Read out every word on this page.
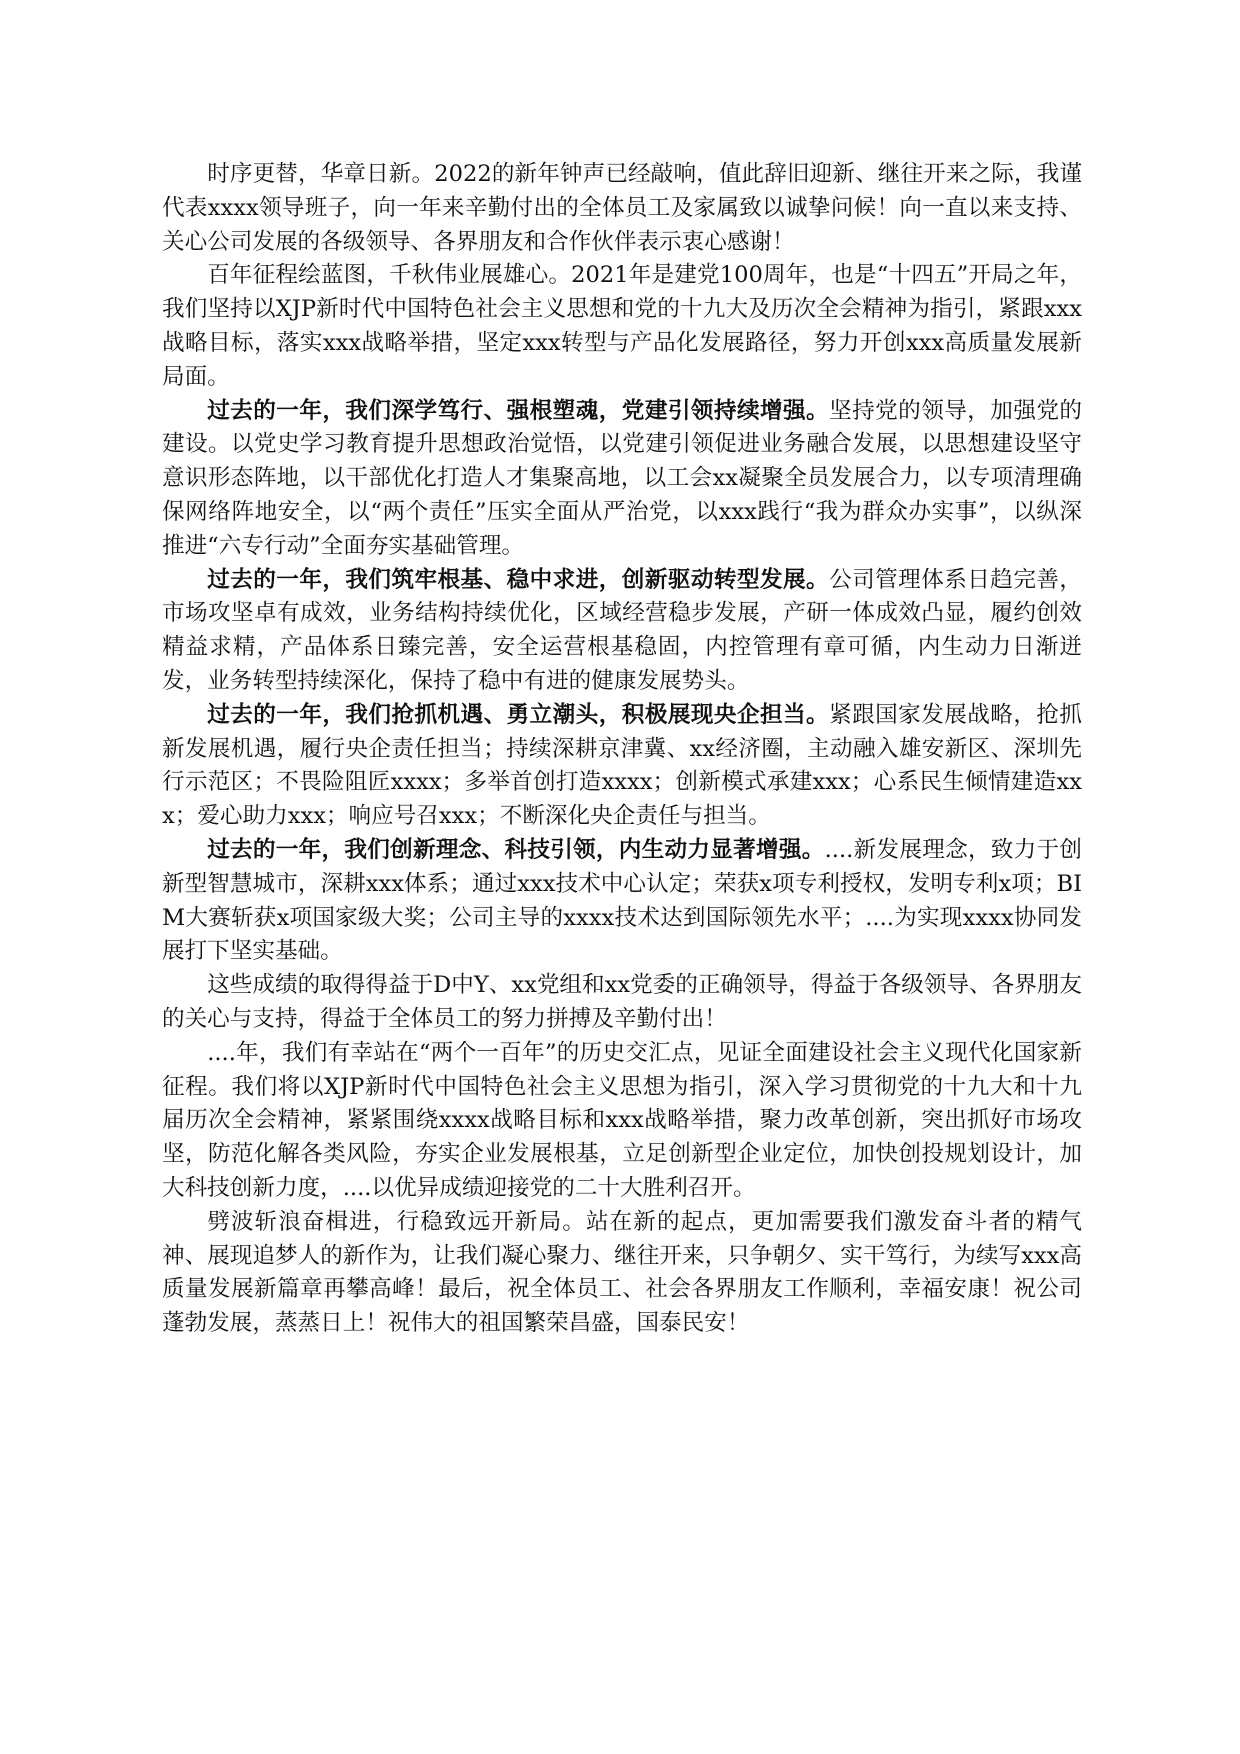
时序更替，华章日新。2022的新年钟声已经敲响，值此辞旧迎新、继往开来之际，我谨代表xxxx领导班子，向一年来辛勤付出的全体员工及家属致以诚挚问候！向一直以来支持、关心公司发展的各级领导、各界朋友和合作伙伴表示衷心感谢！

百年征程绘蓝图，千秋伟业展雄心。2021年是建党100周年，也是“十四五”开局之年，我们坚持以XJP新时代中国特色社会主义思想和党的十九大及历次全会精神为指引，紧跟xxx战略目标，落实xxx战略举措，坚定xxx转型与产品化发展路径，努力开创xxx高质量发展新局面。

过去的一年，我们深学笃行、强根塑魂，党建引领持续增强。坚持党的领导，加强党的建设。以党史学习教育提升思想政治觉悟，以党建引领促进业务融合发展，以思想建设坚守意识形态阵地，以干部优化打造人才集聚高地，以工会xx凝聚全员发展合力，以专项清理确保网络阵地安全，以“两个责任”压实全面从严治党，以xxx践行“我为群众办实事”，以纵深推进“六专行动”全面夯实基础管理。

过去的一年，我们筑牢根基、稳中求进，创新驱动转型发展。公司管理体系日趋完善，市场攻坚卓有成效，业务结构持续优化，区域经营稳步发展，产研一体成效凸显，履约创效精益求精，产品体系日臻完善，安全运营根基稳固，内控管理有章可循，内生动力日渐迸发，业务转型持续深化，保持了稳中有进的健康发展势头。

过去的一年，我们抢抓机遇、勇立潮头，积极展现央企担当。紧跟国家发展战略，抢抓新发展机遇，履行央企责任担当；持续深耕京津冀、xx经济圈，主动融入雄安新区、深圳先行示范区；不畏险阻匠xxxx；多举首创打造xxxx；创新模式承建xxx；心系民生倾情建造xxx；爱心助力xxx；响应号召xxx；不断深化央企责任与担当。

过去的一年，我们创新理念、科技引领，内生动力显著增强。....新发展理念，致力于创新型智慧城市，深耕xxx体系；通过xxx技术中心认定；荣获x项专利授权，发明专利x项；BIM大赛斩获x项国家级大奖；公司主导的xxxx技术达到国际领先水平；....为实现xxxx协同发展打下坚实基础。

这些成绩的取得得益于D中Y、xx党组和xx党委的正确领导，得益于各级领导、各界朋友的关心与支持，得益于全体员工的努力拼搏及辛勤付出！

....年，我们有幸站在“两个一百年”的历史交汇点，见证全面建设社会主义现代化国家新征程。我们将以XJP新时代中国特色社会主义思想为指引，深入学习贯彻党的十九大和十九届历次全会精神，紧紧围绕xxxx战略目标和xxx战略举措，聚力改革创新，突出抓好市场攻坚，防范化解各类风险，夯实企业发展根基，立足创新型企业定位，加快创投规划设计，加大科技创新力度，....以优异成绩迎接党的二十大胜利召开。

劈波斩浪奋楫进，行稳致远开新局。站在新的起点，更加需要我们激发奋斗者的精气神、展现追梦人的新作为，让我们凝心聚力、继往开来，只争朝夕、实干笃行，为续写xxx高质量发展新篇章再攀高峰！最后，祝全体员工、社会各界朋友工作顺利，幸福安康！祝公司蓬勃发展，蒸蒸日上！祝伟大的祖国繁荣昌盛，国泰民安！
